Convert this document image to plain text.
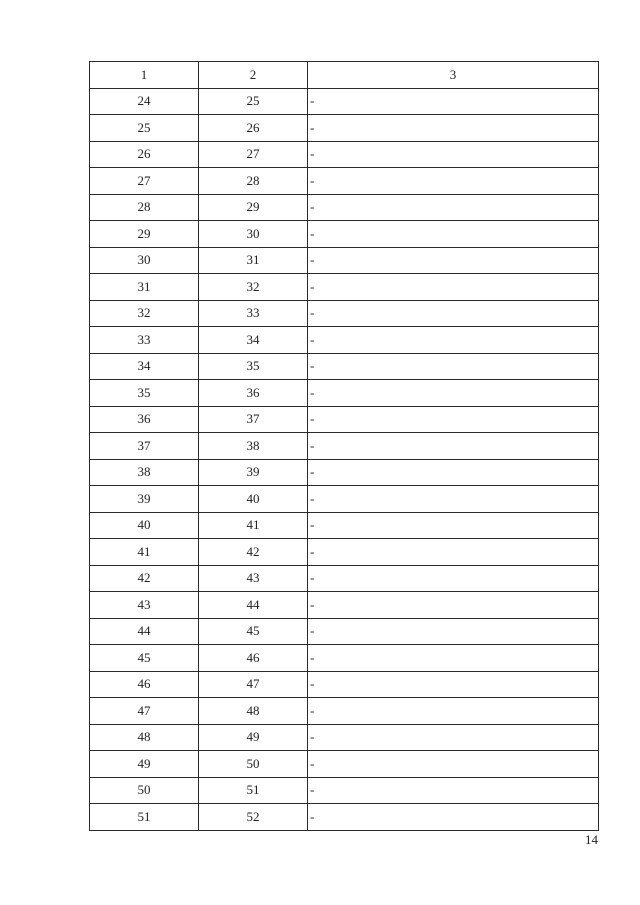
1	2	3
24	25	-
25	26	-
26	27	-
27	28	-
28	29	-
29	30	-
30	31	-
31	32	-
32	33	-
33	34	-
34	35	-
35	36	-
36	37	-
37	38	-
38	39	-
39	40	-
40	41	-
41	42	-
42	43	-
43	44	-
44	45	-
45	46	-
46	47	-
47	48	-
48	49	-
49	50	-
50	51	-
51	52	-
14
